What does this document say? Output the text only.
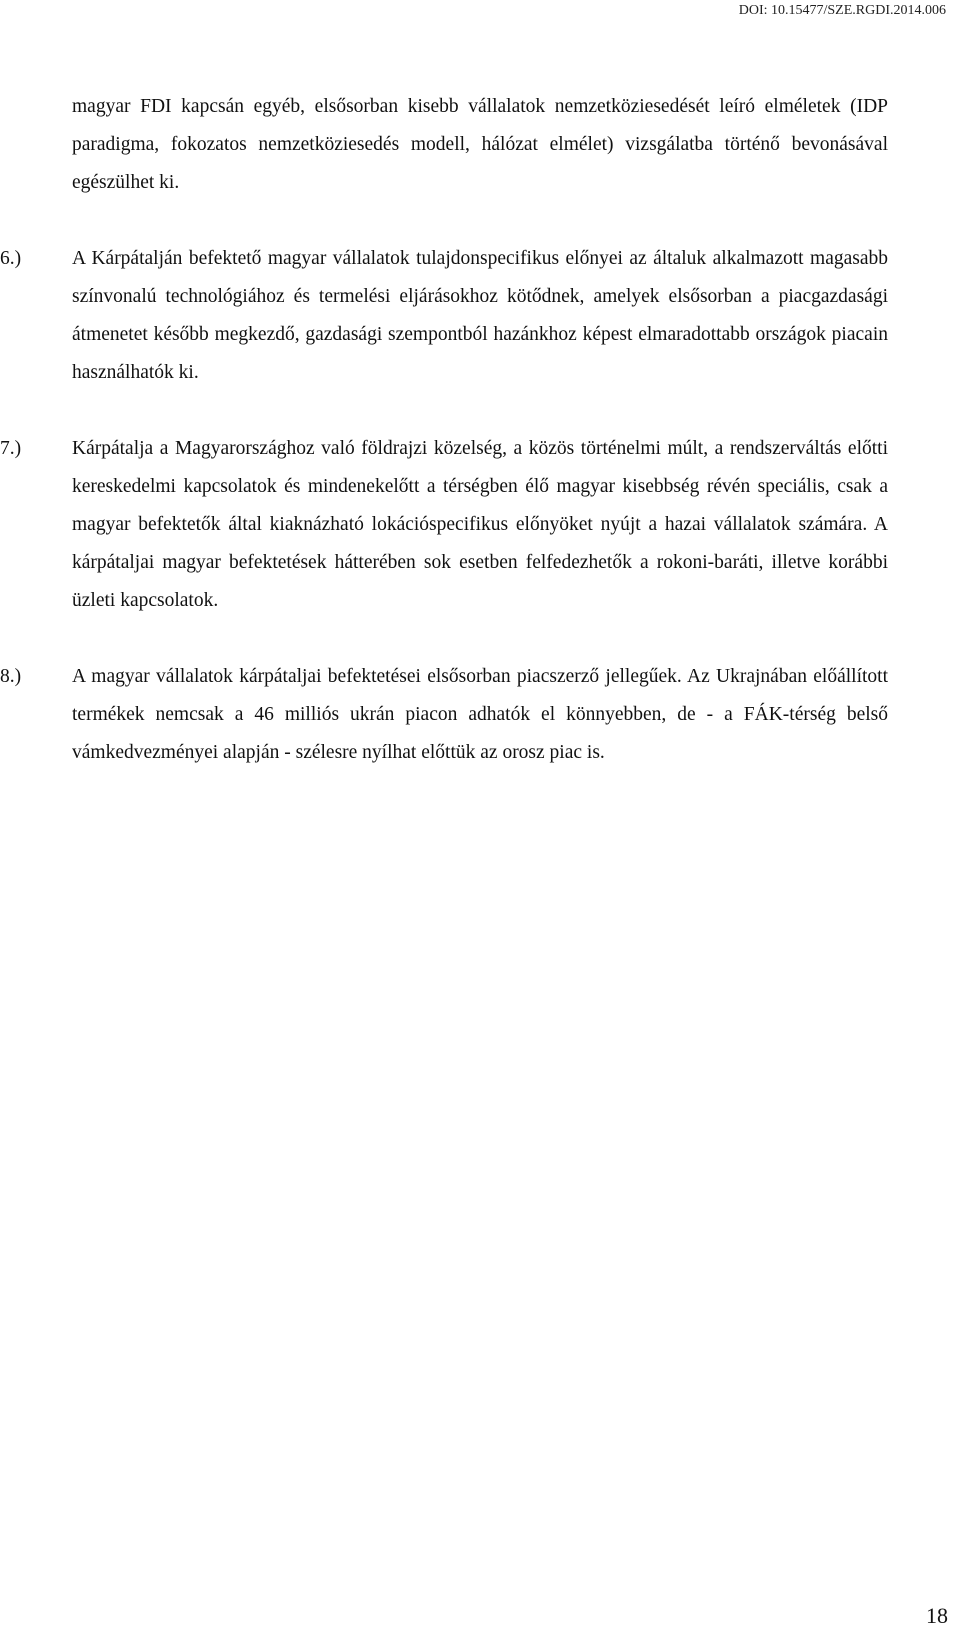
DOI: 10.15477/SZE.RGDI.2014.006

magyar FDI kapcsán egyéb, elsősorban kisebb vállalatok nemzetköziesedését leíró elméletek (IDP paradigma, fokozatos nemzetköziesedés modell, hálózat elmélet) vizsgálatba történő bevonásával egészülhet ki.

6.)	A Kárpátalján befektető magyar vállalatok tulajdonspecifikus előnyei az általuk alkalmazott magasabb színvonalú technológiához és termelési eljárásokhoz kötődnek, amelyek elsősorban a piacgazdasági átmenetet később megkezdő, gazdasági szempontból hazánkhoz képest elmaradottabb országok piacain használhatók ki.

7.)	Kárpátalja a Magyarországhoz való földrajzi közelség, a közös történelmi múlt, a rendszerváltás előtti kereskedelmi kapcsolatok és mindenekelőtt a térségben élő magyar kisebbség révén speciális, csak a magyar befektetők által kiaknázható lokációspecifikus előnyöket nyújt a hazai vállalatok számára. A kárpátaljai magyar befektetések hátterében sok esetben felfedezhetők a rokoni-baráti, illetve korábbi üzleti kapcsolatok.

8.)	A magyar vállalatok kárpátaljai befektetései elsősorban piacszerző jellegűek. Az Ukrajnában előállított termékek nemcsak a 46 milliós ukrán piacon adhatók el könnyebben, de - a FÁK-térség belső vámkedvezményei alapján - szélesre nyílhat előttük az orosz piac is.

18
